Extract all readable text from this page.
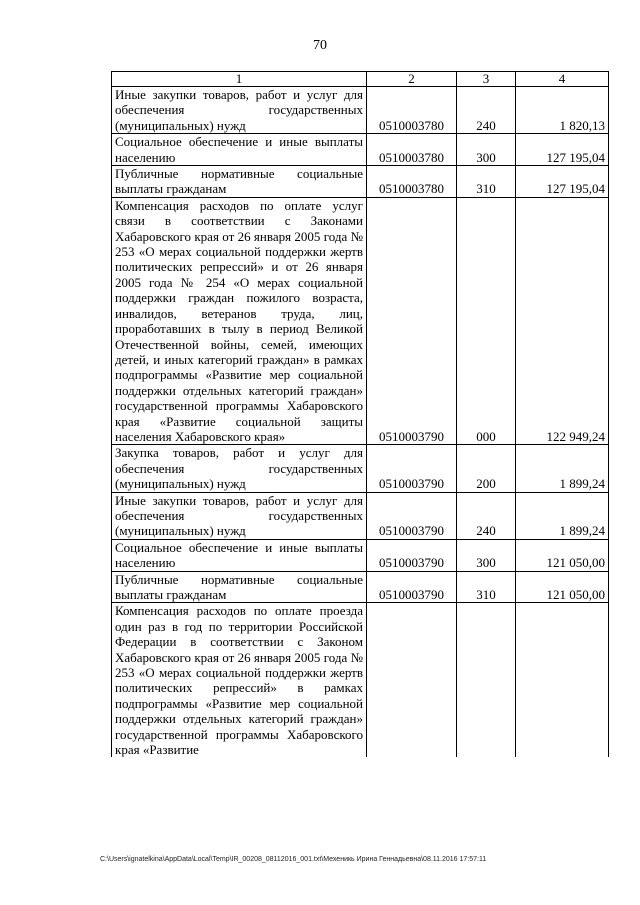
70
1	2	3	4
Иные закупки товаров, работ и услуг для обеспечения государственных (муниципальных) нужд	0510003780	240	1 820,13
Социальное обеспечение и иные выплаты населению	0510003780	300	127 195,04
Публичные нормативные социальные выплаты гражданам	0510003780	310	127 195,04
Компенсация расходов по оплате услуг связи в соответствии с Законами Хабаровского края от 26 января 2005 года № 253 «О мерах социальной поддержки жертв политических репрессий» и от 26 января 2005 года № 254 «О мерах социальной поддержки граждан пожилого возраста, инвалидов, ветеранов труда, лиц, проработавших в тылу в период Великой Отечественной войны, семей, имеющих детей, и иных категорий граждан» в рамках подпрограммы «Развитие мер социальной поддержки отдельных категорий граждан» государственной программы Хабаровского края «Развитие социальной защиты населения Хабаровского края»	0510003790	000	122 949,24
Закупка товаров, работ и услуг для обеспечения государственных (муниципальных) нужд	0510003790	200	1 899,24
Иные закупки товаров, работ и услуг для обеспечения государственных (муниципальных) нужд	0510003790	240	1 899,24
Социальное обеспечение и иные выплаты населению	0510003790	300	121 050,00
Публичные нормативные социальные выплаты гражданам	0510003790	310	121 050,00
Компенсация расходов по оплате проезда один раз в год по территории Российской Федерации в соответствии с Законом Хабаровского края от 26 января 2005 года № 253 «О мерах социальной поддержки жертв политических репрессий» в рамках подпрограммы «Развитие мер социальной поддержки отдельных категорий граждан» государственной программы Хабаровского края «Развитие			
C:\Users\ignatelkina\AppData\Local\Temp\IR_00208_08112016_001.txt\Мехеникь Ирина Геннадьевна\08.11.2016 17:57:11
